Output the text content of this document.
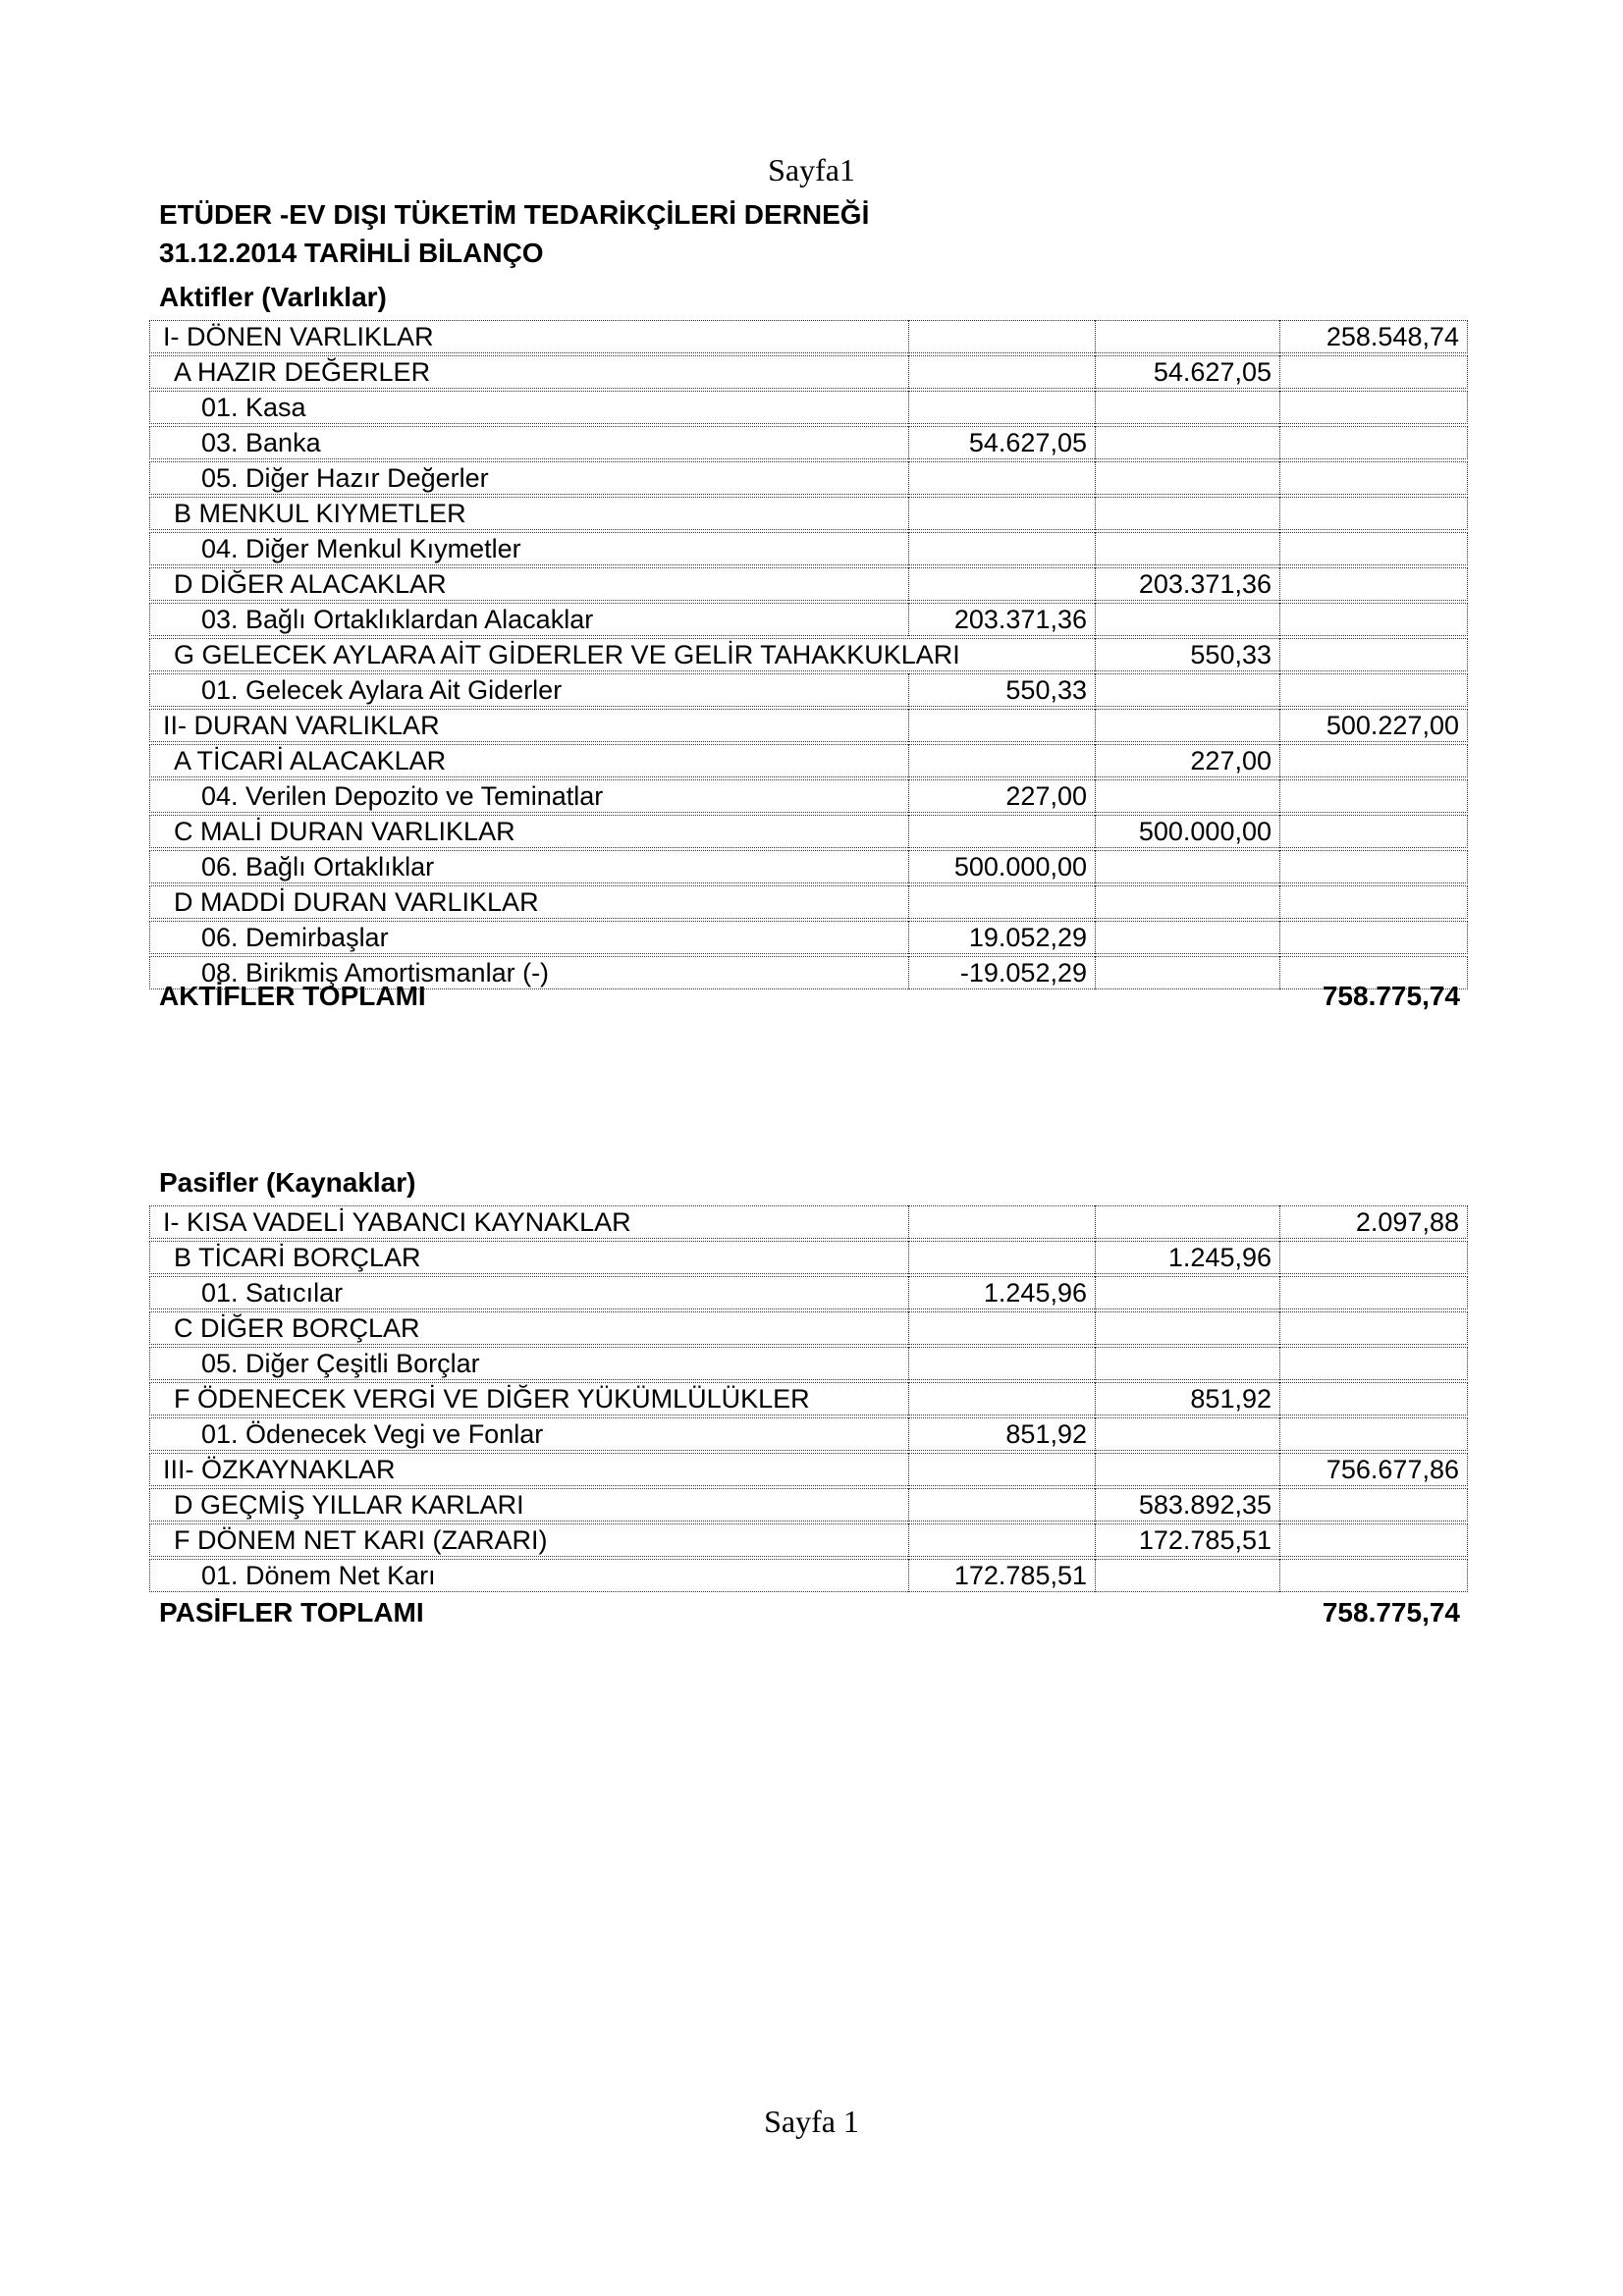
Sayfa1
ETÜDER -EV DIŞI TÜKETİM TEDARİKÇİLERİ DERNEĞİ
31.12.2014 TARİHLİ BİLANÇO
Aktifler (Varlıklar)
I- DÖNEN VARLIKLAR			258.548,74
A HAZIR DEĞERLER		54.627,05	
01. Kasa			
03. Banka	54.627,05		
05. Diğer Hazır Değerler			
B MENKUL KIYMETLER			
04. Diğer Menkul Kıymetler			
D DİĞER ALACAKLAR		203.371,36	
03. Bağlı Ortaklıklardan Alacaklar	203.371,36		
G GELECEK AYLARA AİT GİDERLER VE GELİR TAHAKKUKLARI		550,33	
01. Gelecek Aylara Ait Giderler	550,33		
II- DURAN VARLIKLAR			500.227,00
A TİCARİ ALACAKLAR		227,00	
04. Verilen Depozito ve Teminatlar	227,00		
C MALİ DURAN VARLIKLAR		500.000,00	
06. Bağlı Ortaklıklar	500.000,00		
D MADDİ DURAN VARLIKLAR			
06. Demirbaşlar	19.052,29		
08. Birikmiş Amortismanlar (-)	-19.052,29		
AKTİFLER TOPLAMI	758.775,74
Pasifler (Kaynaklar)
I- KISA VADELİ YABANCI KAYNAKLAR			2.097,88
B TİCARİ BORÇLAR		1.245,96	
01. Satıcılar	1.245,96		
C DİĞER BORÇLAR			
05. Diğer Çeşitli Borçlar			
F ÖDENECEK VERGİ VE DİĞER YÜKÜMLÜLÜKLER		851,92	
01. Ödenecek Vegi ve Fonlar	851,92		
III- ÖZKAYNAKLAR			756.677,86
D GEÇMİŞ YILLAR KARLARI		583.892,35	
F DÖNEM NET KARI (ZARARI)		172.785,51	
01. Dönem Net Karı	172.785,51		
PASİFLER TOPLAMI	758.775,74
Sayfa 1
